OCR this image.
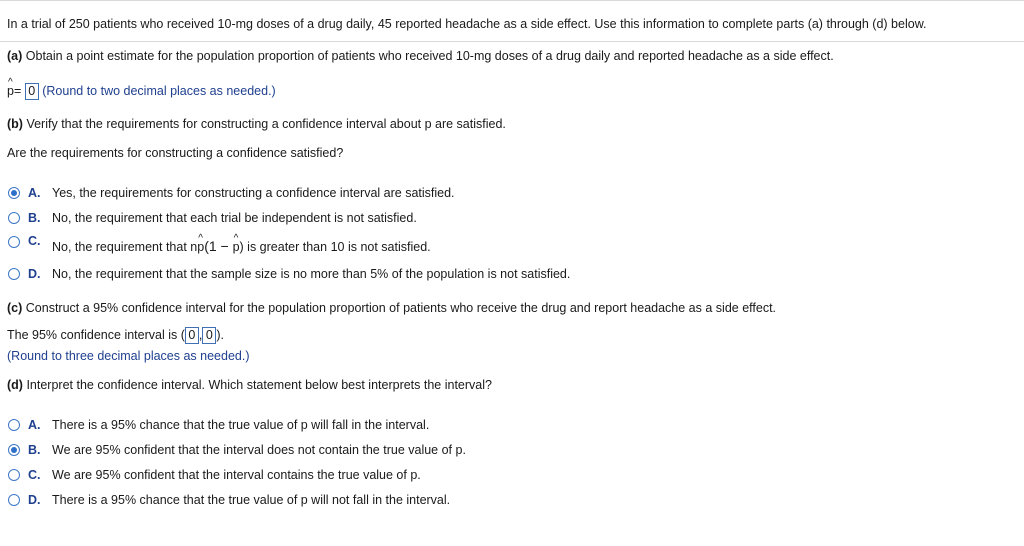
In a trial of 250 patients who received 10-mg doses of a drug daily, 45 reported headache as a side effect. Use this information to complete parts (a) through (d) below.
(a) Obtain a point estimate for the population proportion of patients who received 10-mg doses of a drug daily and reported headache as a side effect.
^ p= 0 (Round to two decimal places as needed.)
(b) Verify that the requirements for constructing a confidence interval about p are satisfied.
Are the requirements for constructing a confidence satisfied?
A. Yes, the requirements for constructing a confidence interval are satisfied.
B. No, the requirement that each trial be independent is not satisfied.
C. No, the requirement that n^ p(1 − ^ p) is greater than 10 is not satisfied.
D. No, the requirement that the sample size is no more than 5% of the population is not satisfied.
(c) Construct a 95% confidence interval for the population proportion of patients who receive the drug and report headache as a side effect.
The 95% confidence interval is ( 0 , 0 ).
(Round to three decimal places as needed.)
(d) Interpret the confidence interval. Which statement below best interprets the interval?
A. There is a 95% chance that the true value of p will fall in the interval.
B. We are 95% confident that the interval does not contain the true value of p.
C. We are 95% confident that the interval contains the true value of p.
D. There is a 95% chance that the true value of p will not fall in the interval.
